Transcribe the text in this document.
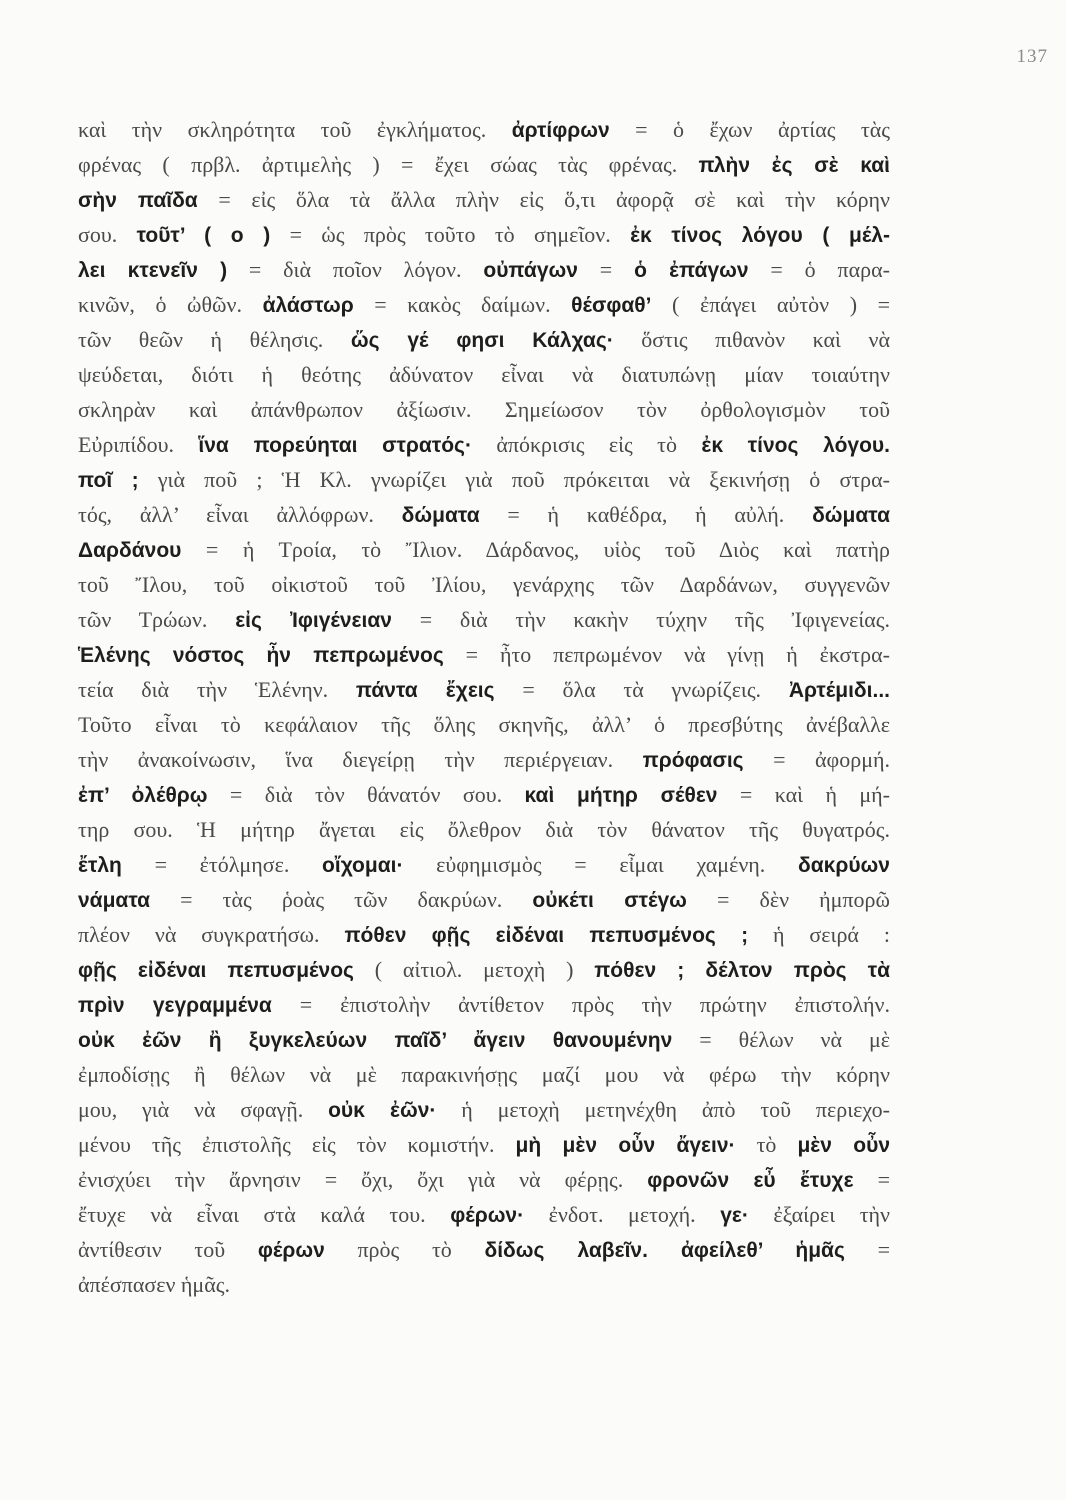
137
καὶ τὴν σκληρότητα τοῦ ἐγκλήματος. ἀρτίφρων = ὁ ἔχων ἀρτίας τὰς
φρένας ( πρβλ. ἀρτιμελὴς ) = ἔχει σώας τὰς φρένας. πλὴν ἐς σὲ καὶ
σὴν παῖδα = εἰς ὅλα τὰ ἄλλα πλὴν εἰς ὅ,τι ἀφορᾷ σὲ καὶ τὴν κόρην
σου. τοῦτ’ ( ο ) = ὡς πρὸς τοῦτο τὸ σημεῖον. ἐκ τίνος λόγου ( μέλ-
λει κτενεῖν ) = διὰ ποῖον λόγον. οὐπάγων = ὁ ἐπάγων = ὁ παρα-
κινῶν, ὁ ὠθῶν. ἀλάστωρ = κακὸς δαίμων. θέσφαθ’ ( ἐπάγει αὐτὸν ) =
τῶν θεῶν ἡ θέλησις. ὥς γέ φησι Κάλχας· ὅστις πιθανὸν καὶ νὰ
ψεύδεται, διότι ἡ θεότης ἀδύνατον εἶναι νὰ διατυπώνῃ μίαν τοιαύτην
σκληρὰν καὶ ἀπάνθρωπον ἀξίωσιν. Σημείωσον τὸν ὀρθολογισμὸν τοῦ
Εὐριπίδου. ἵνα πορεύηται στρατός· ἀπόκρισις εἰς τὸ ἐκ τίνος λόγου.
ποῖ ; γιὰ ποῦ ; Ἡ Κλ. γνωρίζει γιὰ ποῦ πρόκειται νὰ ξεκινήσῃ ὁ στρα-
τός, ἀλλ’ εἶναι ἀλλόφρων. δώματα = ἡ καθέδρα, ἡ αὐλή. δώματα
Δαρδάνου = ἡ Τροία, τὸ Ἴλιον. Δάρδανος, υἱὸς τοῦ Διὸς καὶ πατὴρ
τοῦ Ἴλου, τοῦ οἰκιστοῦ τοῦ Ἰλίου, γενάρχης τῶν Δαρδάνων, συγγενῶν
τῶν Τρώων. εἰς Ἰφιγένειαν = διὰ τὴν κακὴν τύχην τῆς Ἰφιγενείας.
Ἑλένης νόστος ἦν πεπρωμένος = ἦτο πεπρωμένον νὰ γίνῃ ἡ ἐκστρα-
τεία διὰ τὴν Ἑλένην. πάντα ἔχεις = ὅλα τὰ γνωρίζεις. Ἀρτέμιδι...
Τοῦτο εἶναι τὸ κεφάλαιον τῆς ὅλης σκηνῆς, ἀλλ’ ὁ πρεσβύτης ἀνέβαλλε
τὴν ἀνακοίνωσιν, ἵνα διεγείρῃ τὴν περιέργειαν. πρόφασις = ἀφορμή.
ἐπ’ ὀλέθρῳ = διὰ τὸν θάνατόν σου. καὶ μήτηρ σέθεν = καὶ ἡ μή-
τηρ σου. Ἡ μήτηρ ἄγεται εἰς ὄλεθρον διὰ τὸν θάνατον τῆς θυγατρός.
ἔτλη = ἐτόλμησε. οἴχομαι· εὐφημισμὸς = εἶμαι χαμένη. δακρύων
νάματα = τὰς ῥοὰς τῶν δακρύων. οὐκέτι στέγω = δὲν ἠμπορῶ
πλέον νὰ συγκρατήσω. πόθεν φῇς εἰδέναι πεπυσμένος ; ἡ σειρά :
φῇς εἰδέναι πεπυσμένος ( αἰτιολ. μετοχὴ ) πόθεν ; δέλτον πρὸς τὰ
πρὶν γεγραμμένα = ἐπιστολὴν ἀντίθετον πρὸς τὴν πρώτην ἐπιστολήν.
οὐκ ἐῶν ἢ ξυγκελεύων παῖδ’ ἄγειν θανουμένην = θέλων νὰ μὲ
ἐμποδίσῃς ἢ θέλων νὰ μὲ παρακινήσῃς μαζί μου νὰ φέρω τὴν κόρην
μου, γιὰ νὰ σφαγῇ. οὐκ ἐῶν· ἡ μετοχὴ μετηνέχθη ἀπὸ τοῦ περιεχο-
μένου τῆς ἐπιστολῆς εἰς τὸν κομιστήν. μὴ μὲν οὖν ἄγειν· τὸ μὲν οὖν
ἐνισχύει τὴν ἄρνησιν = ὄχι, ὄχι γιὰ νὰ φέρῃς. φρονῶν εὖ ἔτυχε =
ἔτυχε νὰ εἶναι στὰ καλά του. φέρων· ἐνδοτ. μετοχή. γε· ἐξαίρει τὴν
ἀντίθεσιν τοῦ φέρων πρὸς τὸ δίδως λαβεῖν. ἀφείλεθ’ ἡμᾶς =
ἀπέσπασεν ἡμᾶς.
